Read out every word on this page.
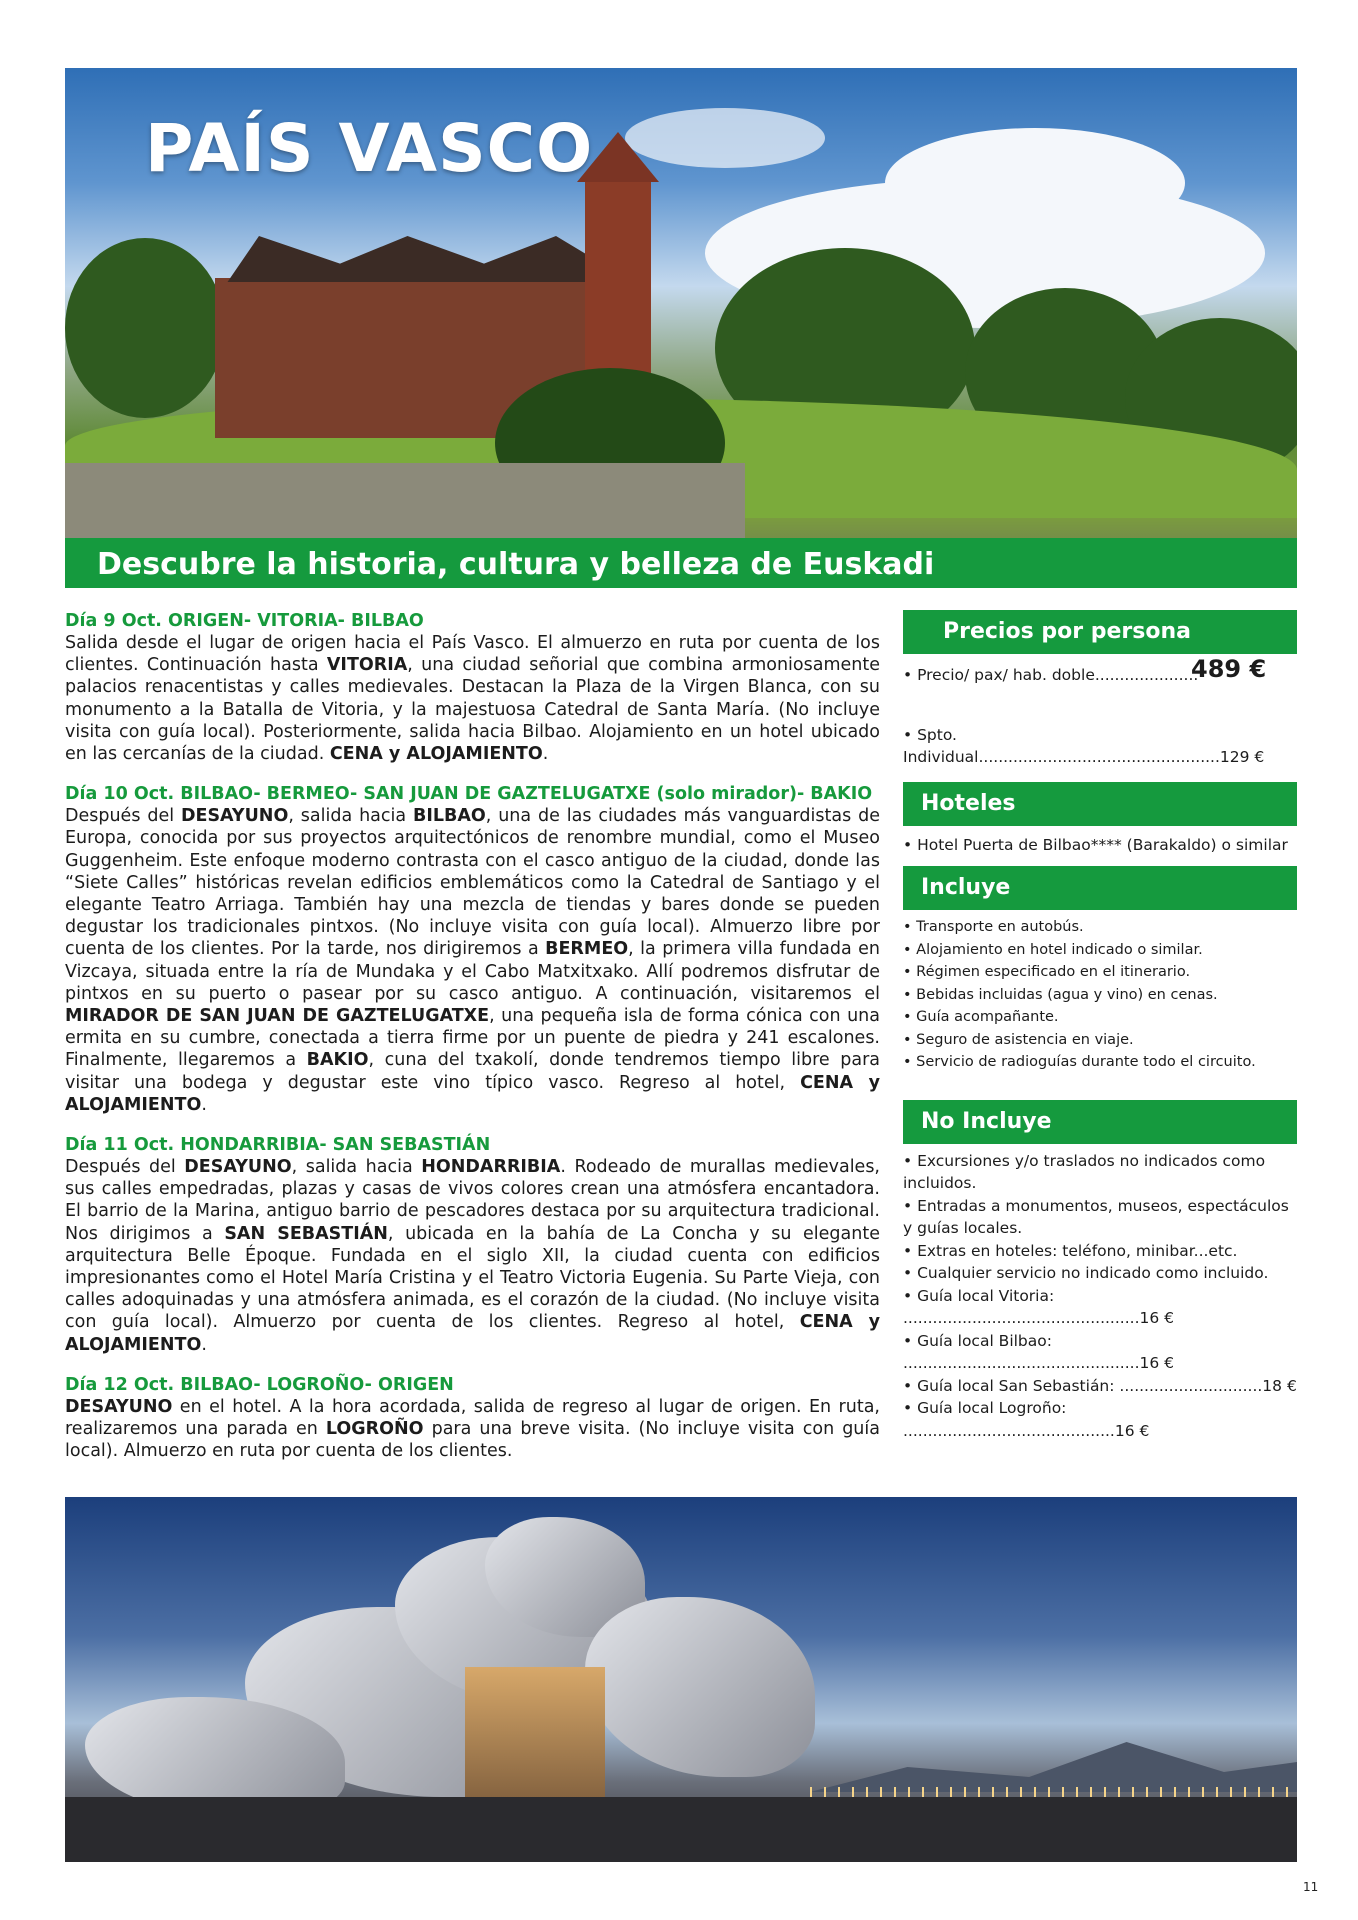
PAÍS VASCO
Descubre la historia, cultura y belleza de Euskadi
Día 9 Oct. ORIGEN- VITORIA- BILBAO

Salida desde el lugar de origen hacia el País Vasco. El almuerzo en ruta por cuenta de los clientes. Continuación hasta VITORIA, una ciudad señorial que combina armoniosamente palacios renacentistas y calles medievales. Destacan la Plaza de la Virgen Blanca, con su monumento a la Batalla de Vitoria, y la majestuosa Catedral de Santa María. (No incluye visita con guía local). Posteriormente, salida hacia Bilbao. Alojamiento en un hotel ubicado en las cercanías de la ciudad. CENA y ALOJAMIENTO.

Día 10 Oct. BILBAO- BERMEO- SAN JUAN DE GAZTELUGATXE (solo mirador)- BAKIO

Después del DESAYUNO, salida hacia BILBAO, una de las ciudades más vanguardistas de Europa, conocida por sus proyectos arquitectónicos de renombre mundial, como el Museo Guggenheim. Este enfoque moderno contrasta con el casco antiguo de la ciudad, donde las “Siete Calles” históricas revelan edificios emblemáticos como la Catedral de Santiago y el elegante Teatro Arriaga. También hay una mezcla de tiendas y bares donde se pueden degustar los tradicionales pintxos. (No incluye visita con guía local). Almuerzo libre por cuenta de los clientes. Por la tarde, nos dirigiremos a BERMEO, la primera villa fundada en Vizcaya, situada entre la ría de Mundaka y el Cabo Matxitxako. Allí podremos disfrutar de pintxos en su puerto o pasear por su casco antiguo. A continuación, visitaremos el MIRADOR DE SAN JUAN DE GAZTELUGATXE, una pequeña isla de forma cónica con una ermita en su cumbre, conectada a tierra firme por un puente de piedra y 241 escalones. Finalmente, llegaremos a BAKIO, cuna del txakolí, donde tendremos tiempo libre para visitar una bodega y degustar este vino típico vasco. Regreso al hotel, CENA y ALOJAMIENTO.

Día 11 Oct. HONDARRIBIA- SAN SEBASTIÁN

Después del DESAYUNO, salida hacia HONDARRIBIA. Rodeado de murallas medievales, sus calles empedradas, plazas y casas de vivos colores crean una atmósfera encantadora. El barrio de la Marina, antiguo barrio de pescadores destaca por su arquitectura tradicional. Nos dirigimos a SAN SEBASTIÁN, ubicada en la bahía de La Concha y su elegante arquitectura Belle Époque. Fundada en el siglo XII, la ciudad cuenta con edificios impresionantes como el Hotel María Cristina y el Teatro Victoria Eugenia. Su Parte Vieja, con calles adoquinadas y una atmósfera animada, es el corazón de la ciudad. (No incluye visita con guía local). Almuerzo por cuenta de los clientes. Regreso al hotel, CENA y ALOJAMIENTO.

Día 12 Oct. BILBAO- LOGROÑO- ORIGEN

DESAYUNO en el hotel. A la hora acordada, salida de regreso al lugar de origen. En ruta, realizaremos una parada en LOGROÑO para una breve visita. (No incluye visita con guía local). Almuerzo en ruta por cuenta de los clientes.

Precios por persona
• Precio/ pax/ hab. doble.....................
489 €
• Spto. Individual.................................................129 €
Hoteles
• Hotel Puerta de Bilbao**** (Barakaldo) o similar
Incluye
• Transporte en autobús.
• Alojamiento en hotel indicado o similar.
• Régimen especificado en el itinerario.
• Bebidas incluidas (agua y vino) en cenas.
• Guía acompañante.
• Seguro de asistencia en viaje.
• Servicio de radioguías durante todo el circuito.
No Incluye
• Excursiones y/o traslados no indicados como incluidos.
• Entradas a monumentos, museos, espectáculos y guías locales.
• Extras en hoteles: teléfono, minibar...etc.
• Cualquier servicio no indicado como incluido.
• Guía local Vitoria: ................................................16 €
• Guía local Bilbao: ................................................16 €
• Guía local San Sebastián: .............................18 €
• Guía local Logroño: ...........................................16 €
11
